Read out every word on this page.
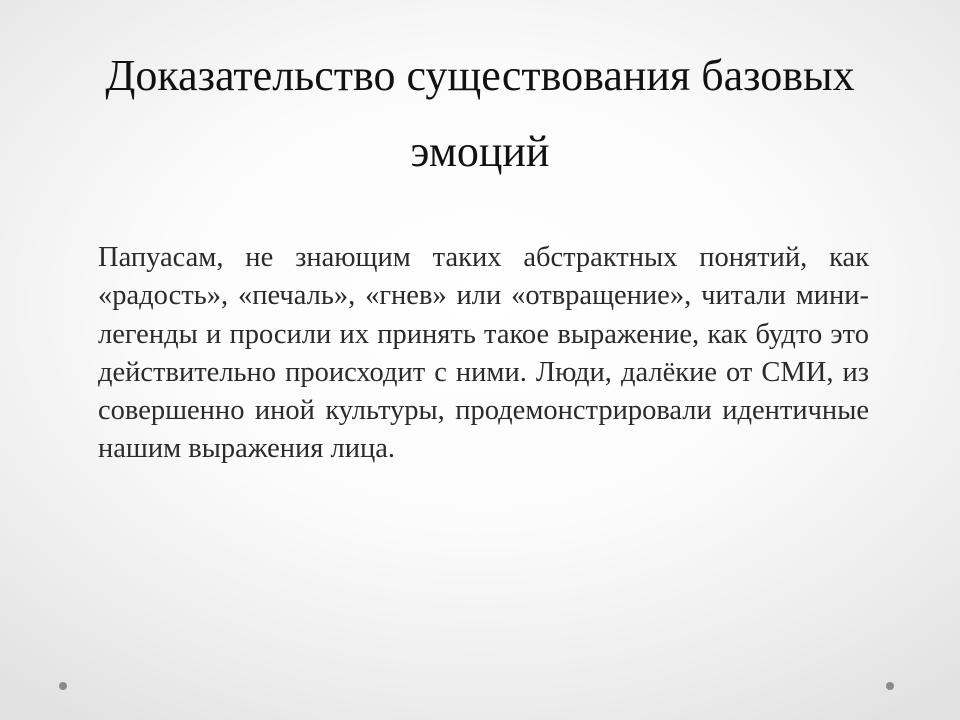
Доказательство существования базовых эмоций

Папуасам, не знающим таких абстрактных понятий, как «радость», «печаль», «гнев» или «отвращение», читали мини-легенды и просили их принять такое выражение, как будто это действительно происходит с ними. Люди, далёкие от СМИ, из совершенно иной культуры, продемонстрировали идентичные нашим выражения лица.
